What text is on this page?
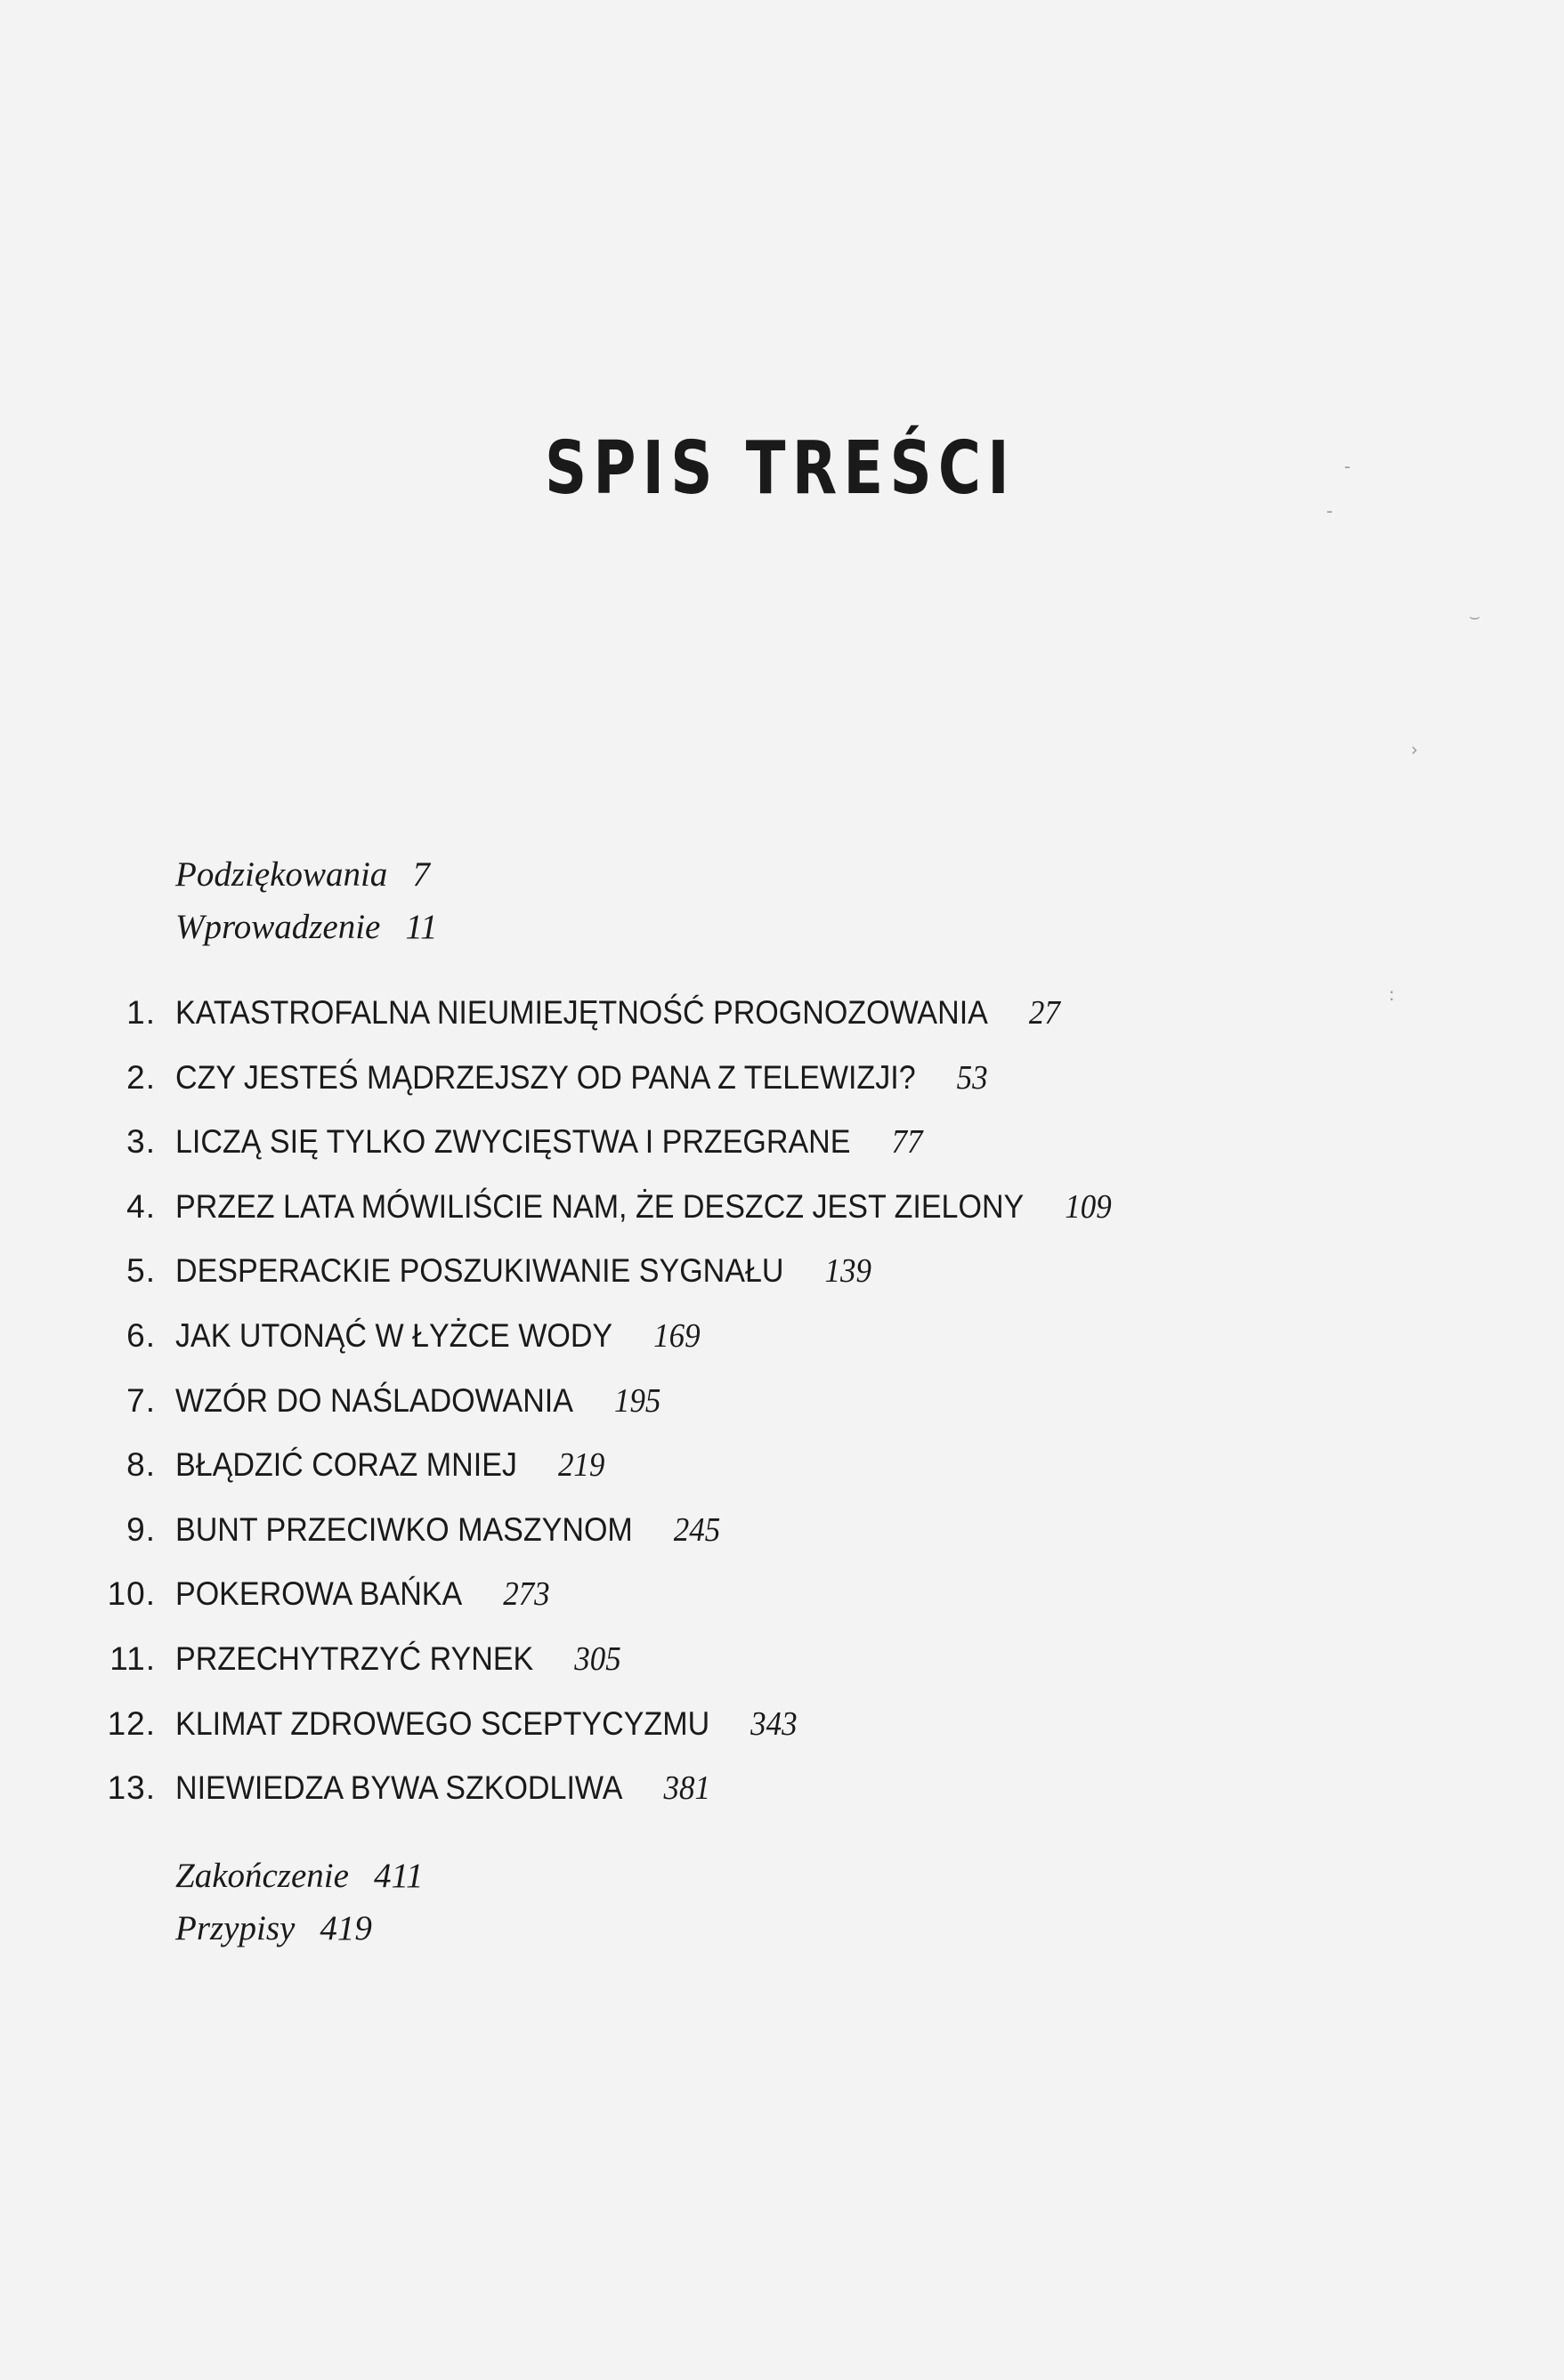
SPIS TREŚCI
Podziękowania 7
Wprowadzenie 11
1. KATASTROFALNA NIEUMIEJĘTNOŚĆ PROGNOZOWANIA 27
2. CZY JESTEŚ MĄDRZEJSZY OD PANA Z TELEWIZJI? 53
3. LICZĄ SIĘ TYLKO ZWYCIĘSTWA I PRZEGRANE 77
4. PRZEZ LATA MÓWILIŚCIE NAM, ŻE DESZCZ JEST ZIELONY 109
5. DESPERACKIE POSZUKIWANIE SYGNAŁU 139
6. JAK UTONĄĆ W ŁYŻCE WODY 169
7. WZÓR DO NAŚLADOWANIA 195
8. BŁĄDZIĆ CORAZ MNIEJ 219
9. BUNT PRZECIWKO MASZYNOM 245
10. POKEROWA BAŃKA 273
11. PRZECHYTRZYĆ RYNEK 305
12. KLIMAT ZDROWEGO SCEPTYCYZMU 343
13. NIEWIEDZA BYWA SZKODLIWA 381
Zakończenie 411
Przypisy 419
-
-
⌣
›
:
